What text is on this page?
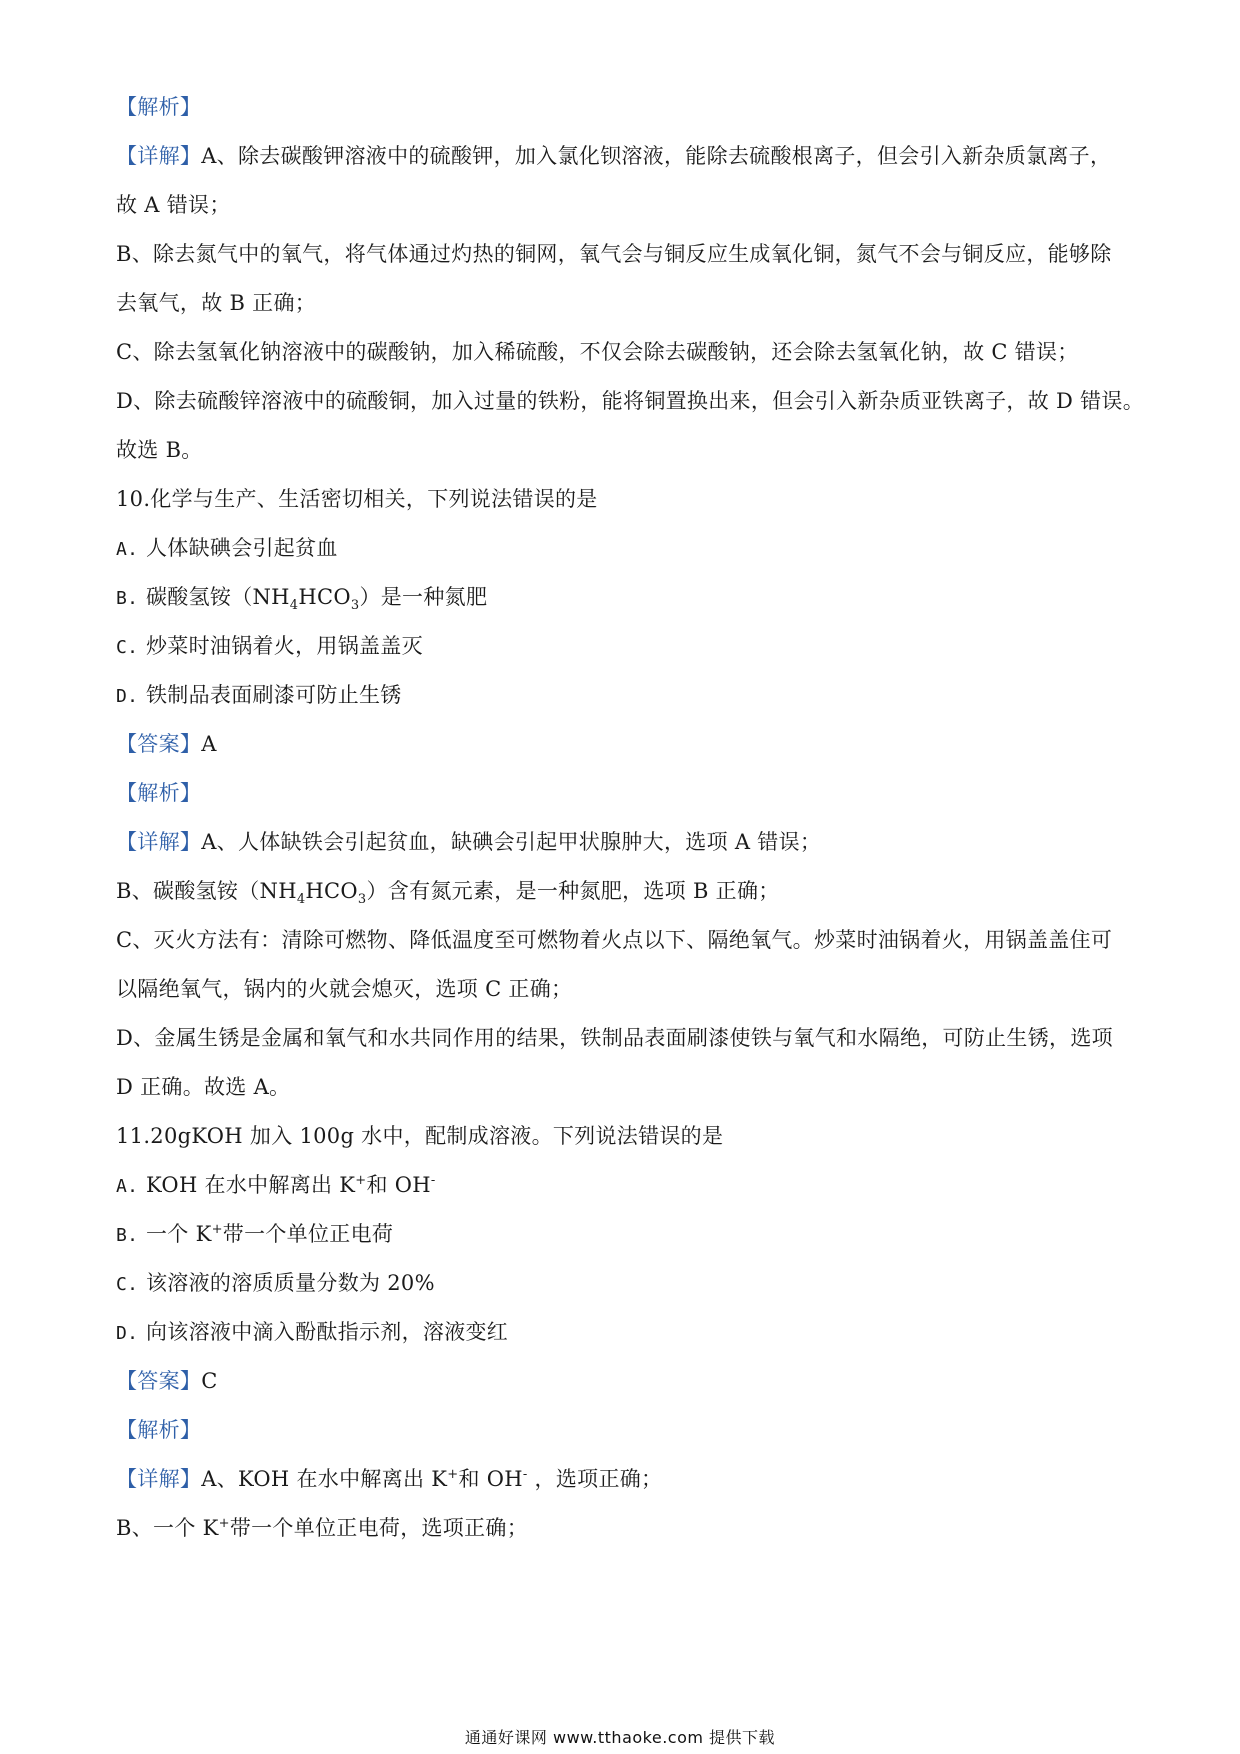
【解析】
【详解】A、除去碳酸钾溶液中的硫酸钾，加入氯化钡溶液，能除去硫酸根离子，但会引入新杂质氯离子，
故 A 错误；
B、除去氮气中的氧气，将气体通过灼热的铜网，氧气会与铜反应生成氧化铜，氮气不会与铜反应，能够除
去氧气，故 B 正确；
C、除去氢氧化钠溶液中的碳酸钠，加入稀硫酸，不仅会除去碳酸钠，还会除去氢氧化钠，故 C 错误；
D、除去硫酸锌溶液中的硫酸铜，加入过量的铁粉，能将铜置换出来，但会引入新杂质亚铁离子，故 D 错误。
故选 B。
10.化学与生产、生活密切相关，下列说法错误的是
A. 人体缺碘会引起贫血
B. 碳酸氢铵$(NH_4HCO_3)$是一种氮肥
C. 炒菜时油锅着火，用锅盖盖灭
D. 铁制品表面刷漆可防止生锈
【答案】A
【解析】
【详解】A、人体缺铁会引起贫血，缺碘会引起甲状腺肿大，选项 A 错误；
B、碳酸氢铵$(NH_4HCO_3)$含有氮元素，是一种氮肥，选项 B 正确；
C、灭火方法有：清除可燃物、降低温度至可燃物着火点以下、隔绝氧气。炒菜时油锅着火，用锅盖盖住可
以隔绝氧气，锅内的火就会熄灭，选项 C 正确；
D、金属生锈是金属和氧气和水共同作用的结果，铁制品表面刷漆使铁与氧气和水隔绝，可防止生锈，选项
D 正确。故选 A。
11.20gKOH 加入 100g 水中，配制成溶液。下列说法错误的是
A. KOH 在水中解离出 K+和 OH-
B. 一个 K+带一个单位正电荷
C. 该溶液的溶质质量分数为 20%
D. 向该溶液中滴入酚酞指示剂，溶液变红
【答案】C
【解析】
【详解】A、KOH 在水中解离出 K+和 OH- ，选项正确；
B、一个 K+带一个单位正电荷，选项正确；
通通好课网 www.tthaoke.com 提供下载
